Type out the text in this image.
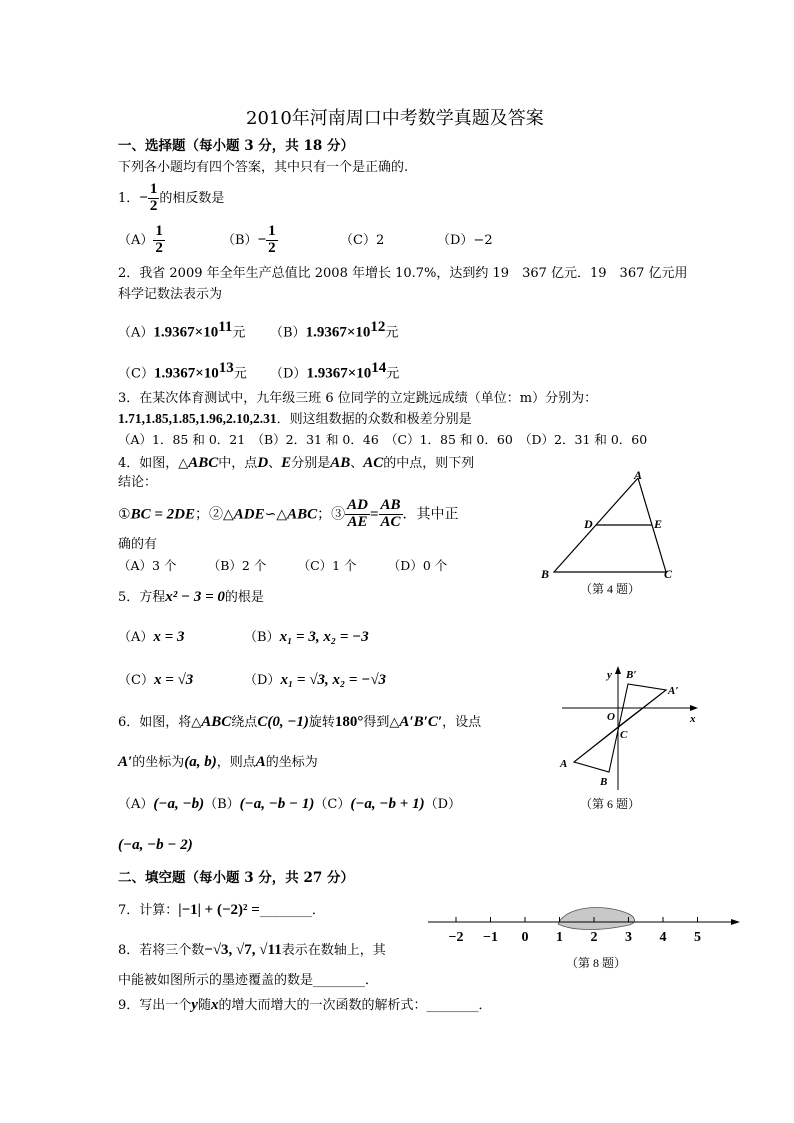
2010年河南周口中考数学真题及答案
一、选择题（每小题 3 分，共 18 分）
下列各小题均有四个答案，其中只有一个是正确的.
1．− $\frac{1}{2}$ 的相反数是
$(A) \frac{1}{2}$	$(B)- \frac{1}{2}$	（C）2	（D）−2
2．我省 2009 年全年生产总值比 2008 年增长 10.7%，达到约 19　367 亿元．19　367 亿元用
科学记数法表示为
$(A)1.9367\times 10^{11}$元 $(B)1.9367\times 10^{12}$元
$(C)1.9367\times 10^{13}$元 $(D)1.9367\times 10^{14}$元
3．在某次体育测试中，九年级三班 6 位同学的立定跳远成绩（单位：m）分别为：
1.71,1.85,1.85,1.96,2.10,2.31．则这组数据的众数和极差分别是
（A）1．85 和 0．21　（B）2．31 和 0．46　（C）1．85 和 0．60　（D）2．31 和 0．60
4．如图，△ABC中，点D、E分别是AB、AC的中点，则下列
结论：
①BC = 2DE；②△ADE∽△ABC；③ $\frac{AD}{AE} = \frac{AB}{AC}$ ．其中正
确的有
（A）3 个　　　（B）2 个　　　（C）1 个　　　（D）0 个
A
D	E
B	C
（第 4 题）
5．方程x² − 3 = 0的根是
（A）x = 3	（B）x₁ = 3, x₂ = −3
（C）x = √3	（D）x₁ = √3, x₂ = −√3
6．如图，将△ABC绕点C(0, −1)旋转180°得到△A′B′C′，设点
A′的坐标为(a, b)，则点A的坐标为
（A）(−a, −b)（B）(−a, −b − 1)（C）(−a, −b + 1)（D）
(−a, −b − 2)
y B′
A′
O	x
C
A
B
（第 6 题）
二、填空题（每小题 3 分，共 27 分）
7．计算：|−1| + (−2)² =________．
8．若将三个数−√3, √7, √11表示在数轴上，其
中能被如图所示的墨迹覆盖的数是________．
−2 −1 0 1 2 3 4 5
（第 8 题）
9．写出一个y随x的增大而增大的一次函数的解析式：________．
